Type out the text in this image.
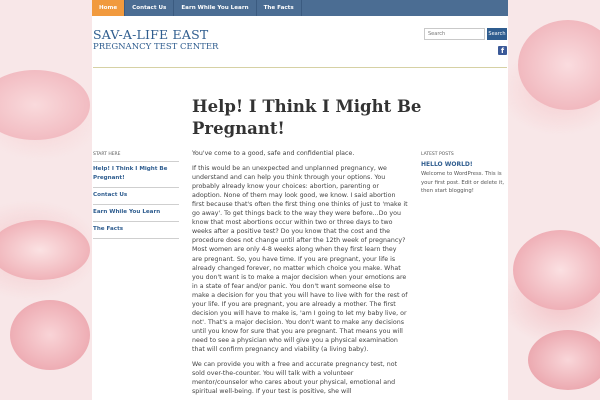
Home	Contact Us	Earn While You Learn	The Facts
SAV-A-LIFE EAST
PREGNANCY TEST CENTER
Search
Search
f
Help! I Think I Might Be Pregnant!
START HERE
Help! I Think I Might Be Pregnant!
Contact Us
Earn While You Learn
The Facts

You've come to a good, safe and confidential place.

If this would be an unexpected and unplanned pregnancy, we understand and can help you think through your options. You probably already know your choices: abortion, parenting or adoption. None of them may look good, we know. I said abortion first because that's often the first thing one thinks of just to 'make it go away'. To get things back to the way they were before...Do you know that most abortions occur within two or three days to two weeks after a positive test? Do you know that the cost and the procedure does not change until after the 12th week of pregnancy? Most women are only 4-8 weeks along when they first learn they are pregnant. So, you have time. If you are pregnant, your life is already changed forever, no matter which choice you make. What you don't want is to make a major decision when your emotions are in a state of fear and/or panic. You don't want someone else to make a decision for you that you will have to live with for the rest of your life. If you are pregnant, you are already a mother. The first decision you will have to make is, 'am I going to let my baby live, or not'. That's a major decision. You don't want to make any decisions until you know for sure that you are pregnant. That means you will need to see a physician who will give you a physical examination that will confirm pregnancy and viability (a living baby).

We can provide you with a free and accurate pregnancy test, not sold over-the-counter. You will talk with a volunteer mentor/counselor who cares about your physical, emotional and spiritual well-being. If your test is positive, she will

LATEST POSTS
HELLO WORLD!
Welcome to WordPress. This is your first post. Edit or delete it, then start blogging!
